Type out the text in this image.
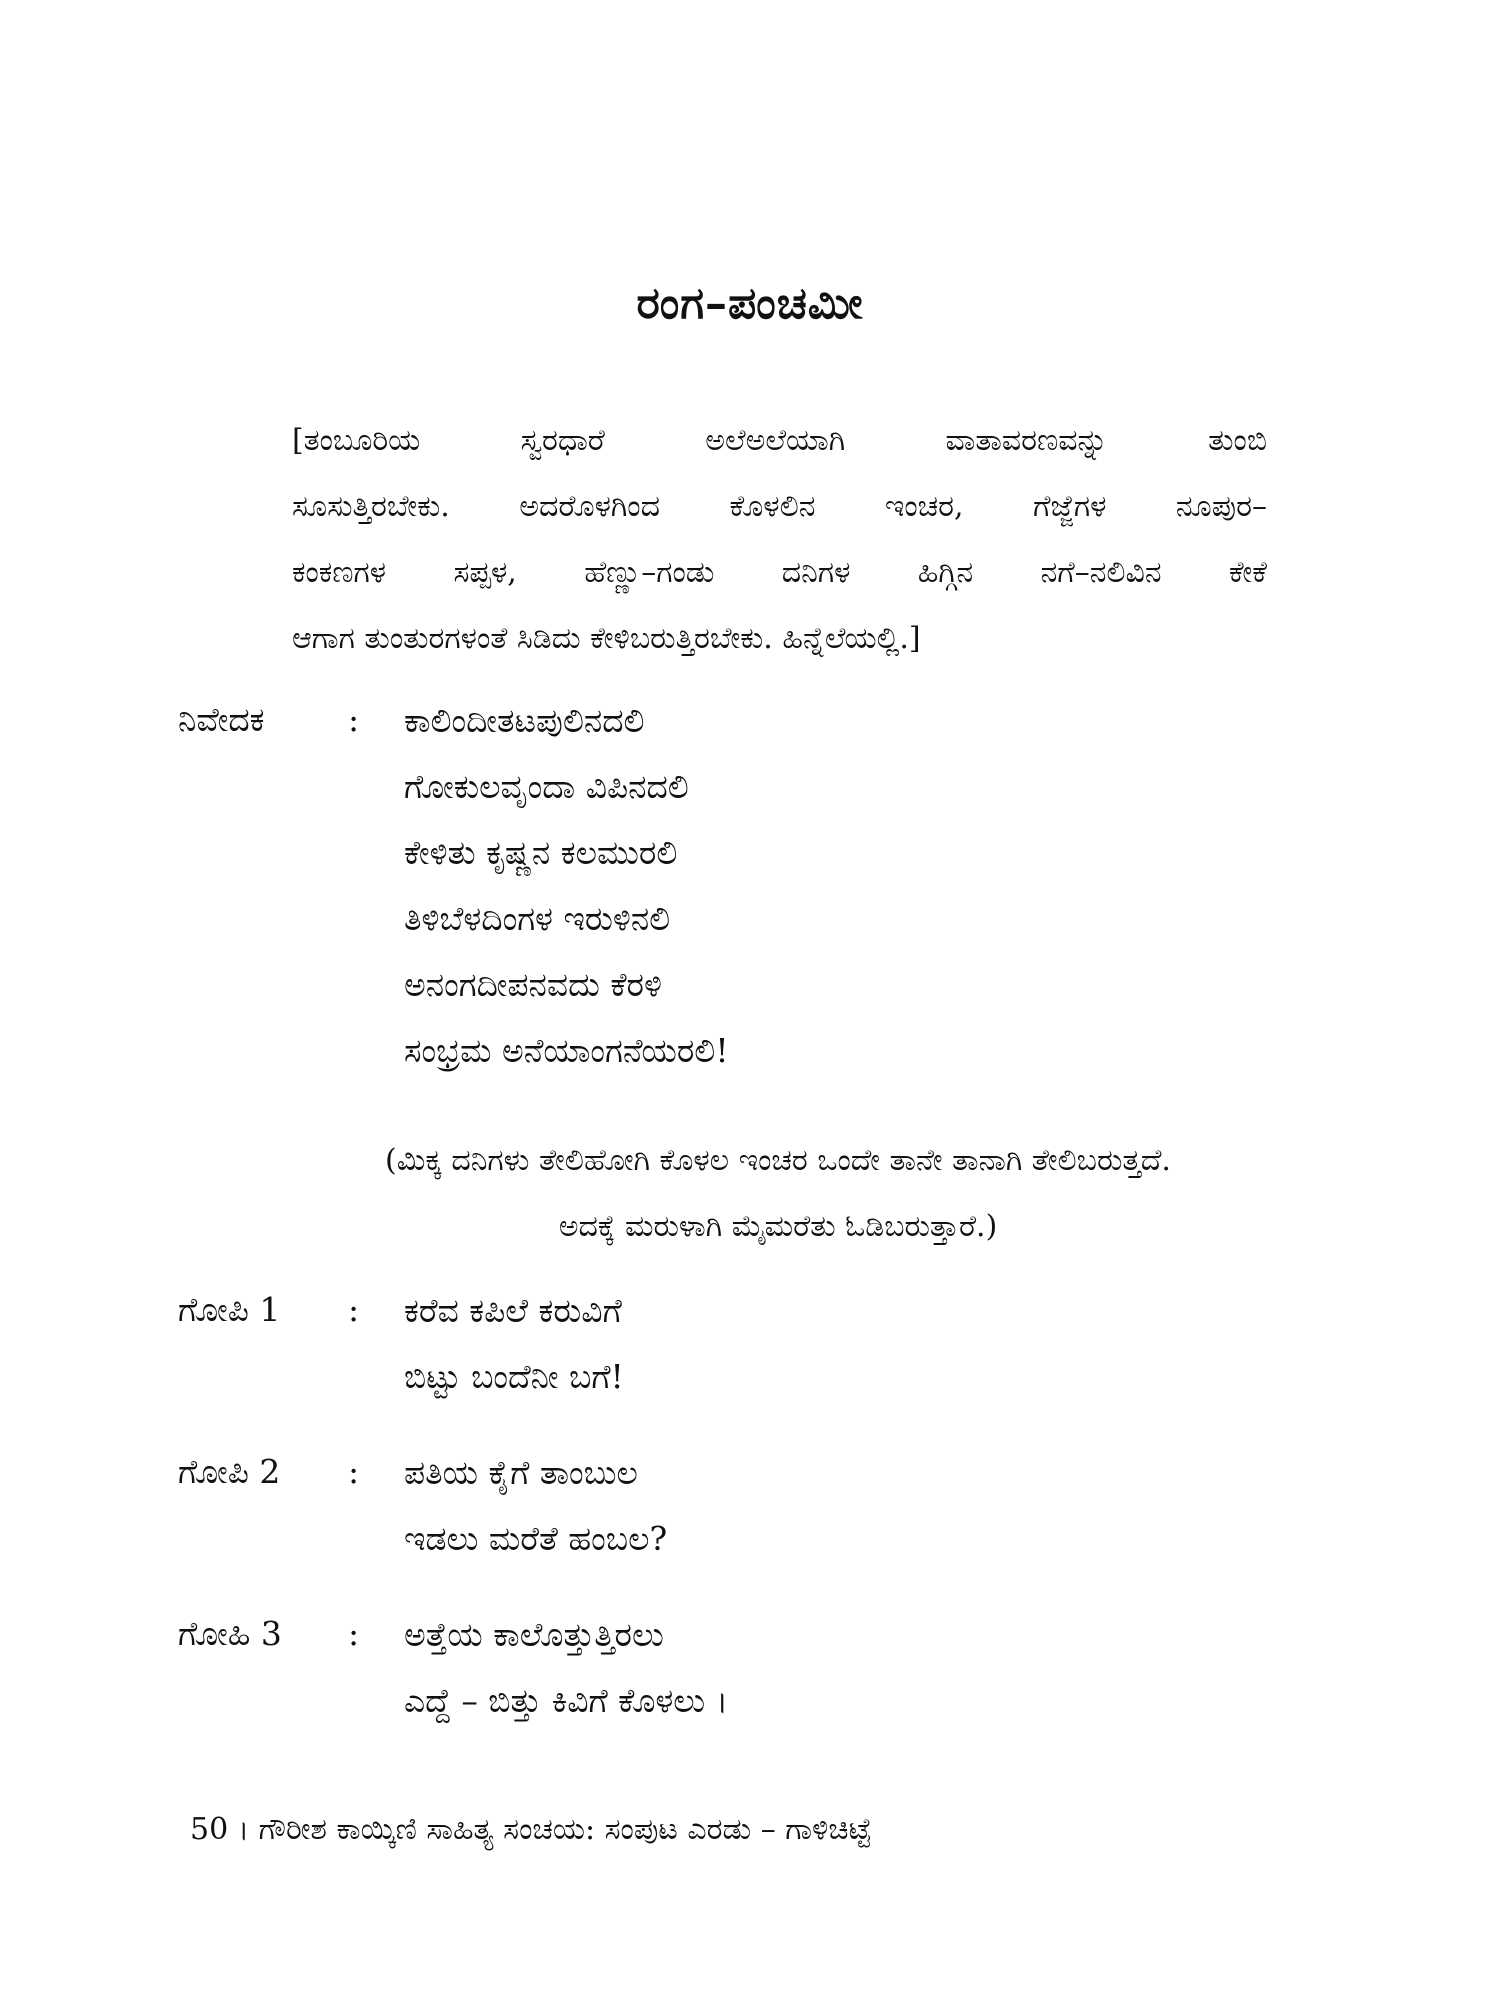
ರಂಗ–ಪಂಚಮೀ

[ತಂಬೂರಿಯ ಸ್ವರಧಾರೆ ಅಲೆಅಲೆಯಾಗಿ ವಾತಾವರಣವನ್ನು ತುಂಬಿ

ಸೂಸುತ್ತಿರಬೇಕು. ಅದರೊಳಗಿಂದ ಕೊಳಲಿನ ಇಂಚರ, ಗೆಜ್ಜೆಗಳ ನೂಪುರ–

ಕಂಕಣಗಳ ಸಪ್ಪಳ, ಹೆಣ್ಣು–ಗಂಡು ದನಿಗಳ ಹಿಗ್ಗಿನ ನಗೆ–ನಲಿವಿನ ಕೇಕೆ

ಆಗಾಗ ತುಂತುರಗಳಂತೆ ಸಿಡಿದು ಕೇಳಿಬರುತ್ತಿರಬೇಕು. ಹಿನ್ನೆಲೆಯಲ್ಲಿ.]

ನಿವೇದಕ	: ಕಾಲಿಂದೀತಟಪುಲಿನದಲಿ
ಗೋಕುಲವೃಂದಾ ವಿಪಿನದಲಿ
ಕೇಳಿತು ಕೃಷ್ಣನ ಕಲಮುರಲಿ
ತಿಳಿಬೆಳದಿಂಗಳ ಇರುಳಿನಲಿ
ಅನಂಗದೀಪನವದು ಕೆರಳಿ
ಸಂಭ್ರಮ ಅನೆಯಾಂಗನೆಯರಲಿ!
(ಮಿಕ್ಕ ದನಿಗಳು ತೇಲಿಹೋಗಿ ಕೊಳಲ ಇಂಚರ ಒಂದೇ ತಾನೇ ತಾನಾಗಿ ತೇಲಿಬರುತ್ತದೆ.
ಅದಕ್ಕೆ ಮರುಳಾಗಿ ಮೈಮರೆತು ಓಡಿಬರುತ್ತಾರೆ.)
ಗೋಪಿ 1	: ಕರೆವ ಕಪಿಲೆ ಕರುವಿಗೆ
ಬಿಟ್ಟು ಬಂದೆನೀ ಬಗೆ!
ಗೋಪಿ 2	: ಪತಿಯ ಕೈಗೆ ತಾಂಬುಲ
ಇಡಲು ಮರೆತೆ ಹಂಬಲ?
ಗೋಹಿ 3	: ಅತ್ತೆಯ ಕಾಲೊತ್ತುತ್ತಿರಲು
ಎದ್ದೆ – ಬಿತ್ತು ಕಿವಿಗೆ ಕೊಳಲು ।
50 । ಗೌರೀಶ ಕಾಯ್ಕಿಣಿ ಸಾಹಿತ್ಯ ಸಂಚಯ: ಸಂಪುಟ ಎರಡು – ಗಾಳಿಚಿಟ್ಟೆ
